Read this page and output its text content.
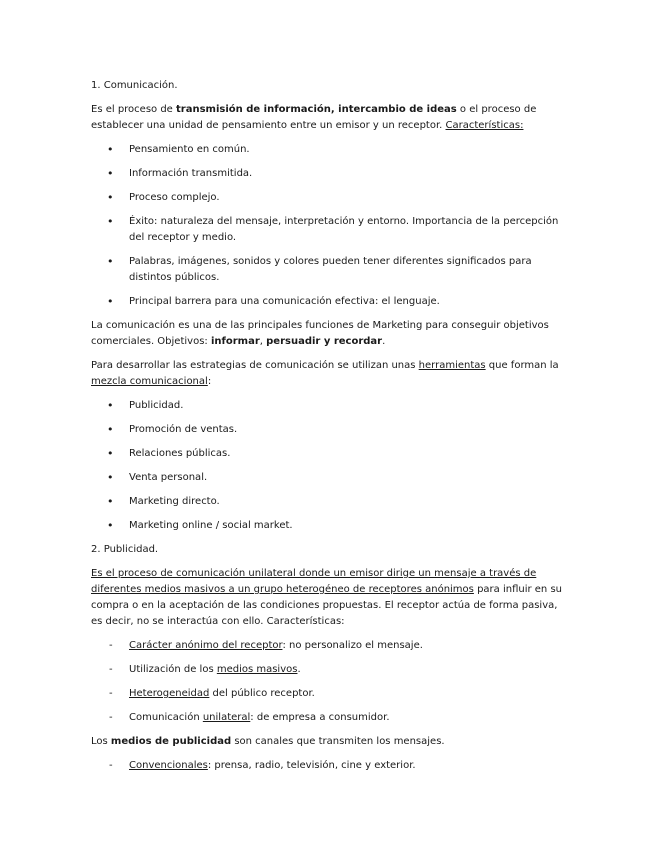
1. Comunicación.

Es el proceso de transmisión de información, intercambio de ideas o el proceso de establecer una unidad de pensamiento entre un emisor y un receptor. Características:

• Pensamiento en común.
• Información transmitida.
• Proceso complejo.
• Éxito: naturaleza del mensaje, interpretación y entorno. Importancia de la percepción del receptor y medio.
• Palabras, imágenes, sonidos y colores pueden tener diferentes significados para distintos públicos.
• Principal barrera para una comunicación efectiva: el lenguaje.

La comunicación es una de las principales funciones de Marketing para conseguir objetivos comerciales. Objetivos: informar, persuadir y recordar.

Para desarrollar las estrategias de comunicación se utilizan unas herramientas que forman la mezcla comunicacional:

• Publicidad.
• Promoción de ventas.
• Relaciones públicas.
• Venta personal.
• Marketing directo.
• Marketing online / social market.

2. Publicidad.

Es el proceso de comunicación unilateral donde un emisor dirige un mensaje a través de diferentes medios masivos a un grupo heterogéneo de receptores anónimos para influir en su compra o en la aceptación de las condiciones propuestas. El receptor actúa de forma pasiva, es decir, no se interactúa con ello. Características:

- Carácter anónimo del receptor: no personalizo el mensaje.
- Utilización de los medios masivos.
- Heterogeneidad del público receptor.
- Comunicación unilateral: de empresa a consumidor.

Los medios de publicidad son canales que transmiten los mensajes.

- Convencionales: prensa, radio, televisión, cine y exterior.
